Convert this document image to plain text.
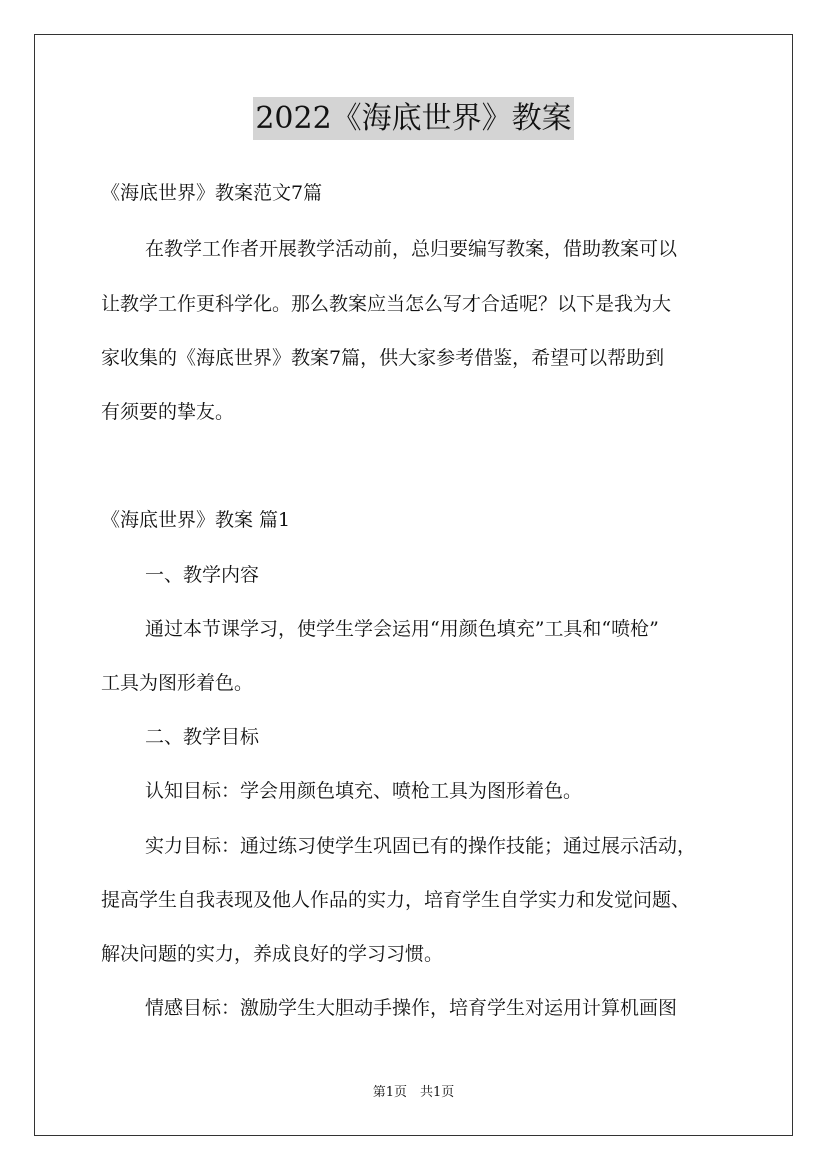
2022《海底世界》教案
《海底世界》教案范文7篇
在教学工作者开展教学活动前，总归要编写教案，借助教案可以
让教学工作更科学化。那么教案应当怎么写才合适呢？以下是我为大
家收集的《海底世界》教案7篇，供大家参考借鉴，希望可以帮助到
有须要的挚友。
《海底世界》教案 篇1
一、教学内容
通过本节课学习，使学生学会运用“用颜色填充”工具和“喷枪”
工具为图形着色。
二、教学目标
认知目标：学会用颜色填充、喷枪工具为图形着色。
实力目标：通过练习使学生巩固已有的操作技能；通过展示活动，
提高学生自我表现及他人作品的实力，培育学生自学实力和发觉问题、
解决问题的实力，养成良好的学习习惯。
情感目标：激励学生大胆动手操作，培育学生对运用计算机画图
第1页　共1页
